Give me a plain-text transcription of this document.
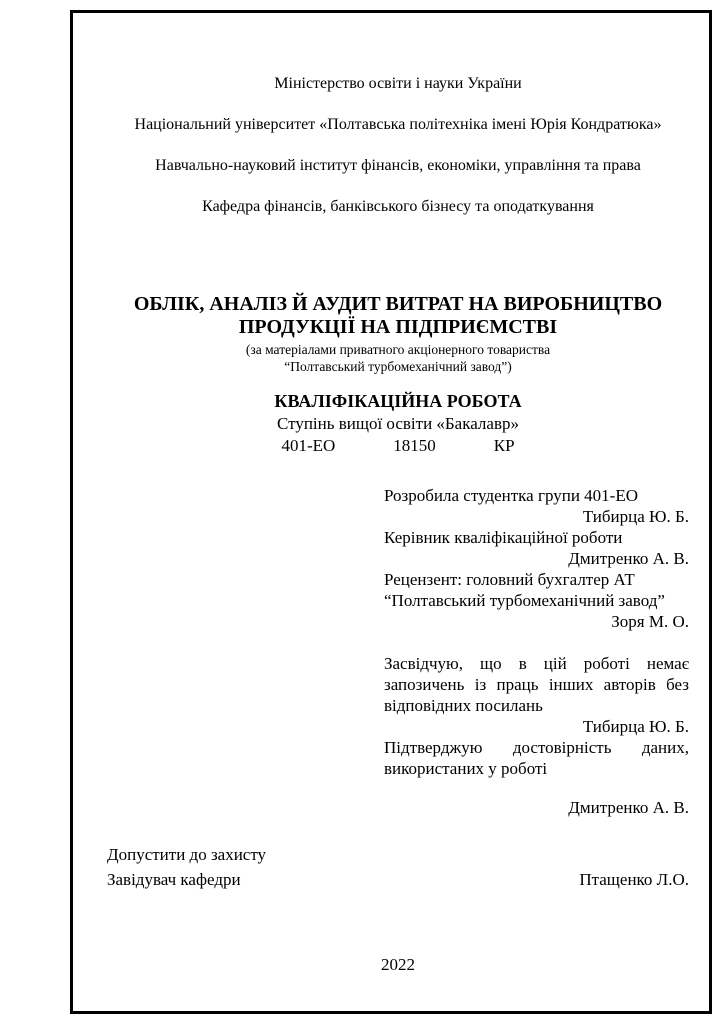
Міністерство освіти і науки України

Національний університет «Полтавська політехніка імені Юрія Кондратюка»

Навчально-науковий інститут фінансів, економіки, управління та права

Кафедра фінансів, банківського бізнесу та оподаткування

ОБЛІК, АНАЛІЗ Й АУДИТ ВИТРАТ НА ВИРОБНИЦТВО
ПРОДУКЦІЇ НА ПІДПРИЄМСТВІ
(за матеріалами приватного акціонерного товариства
“Полтавський турбомеханічний завод”)
КВАЛІФІКАЦІЙНА РОБОТА
Ступінь вищої освіти «Бакалавр»
401-ЕО	18150	КР
Розробила студентка групи 401-ЕО
Тибирца Ю. Б.
Керівник кваліфікаційної роботи
Дмитренко А. В.
Рецензент: головний бухгалтер АТ
“Полтавський турбомеханічний завод”
Зоря М. О.
Засвідчую, що в цій роботі немає запозичень із праць інших авторів без відповідних посилань
Тибирца Ю. Б.
Підтверджую достовірність даних, використаних у роботі
Дмитренко А. В.
Допустити до захисту
Завідувач кафедри	Птащенко Л.О.
2022
